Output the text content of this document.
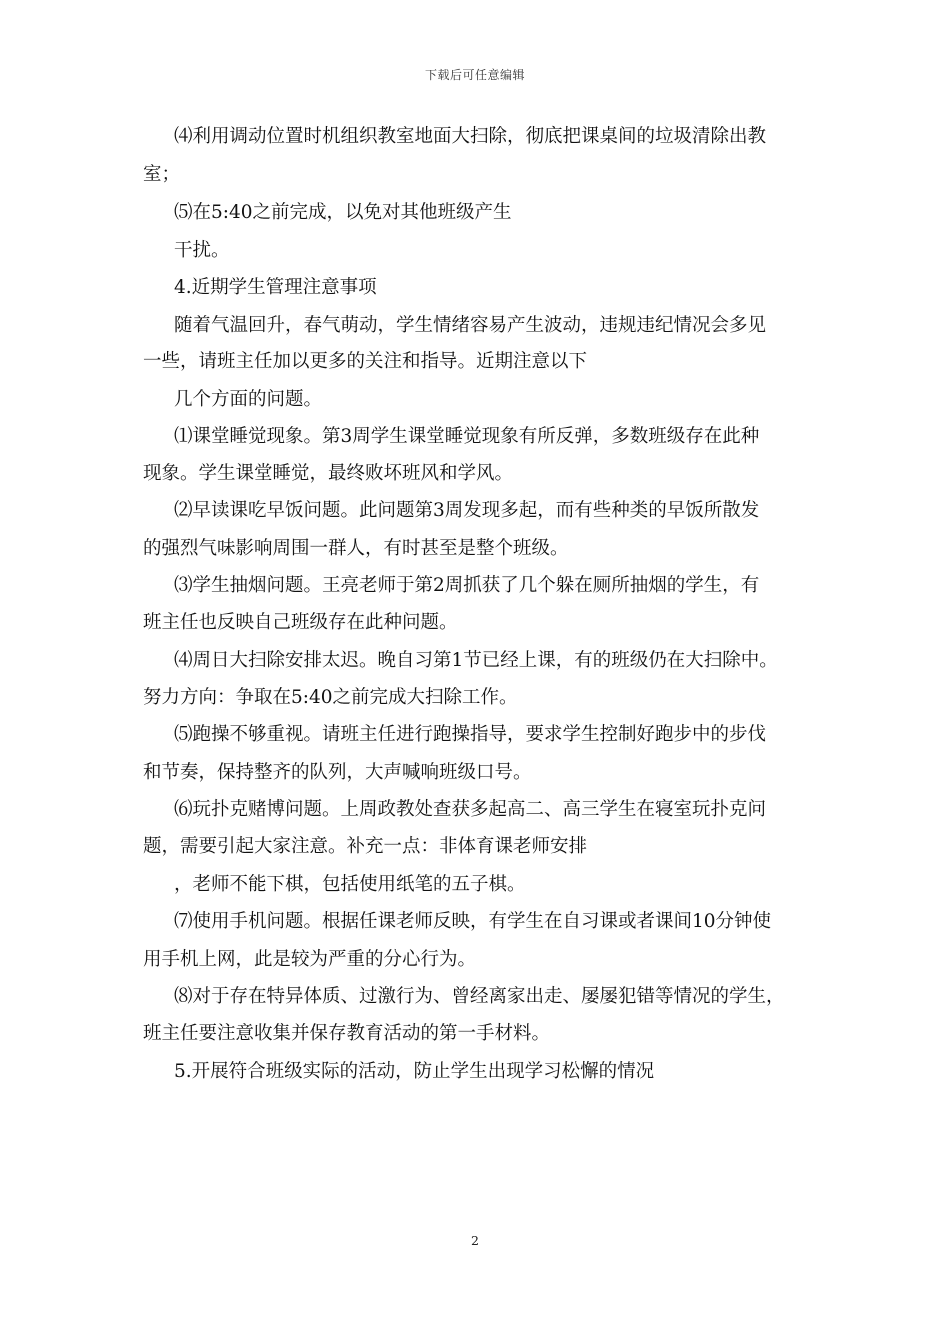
下载后可任意编辑
⑷利用调动位置时机组织教室地面大扫除，彻底把课桌间的垃圾清除出教
室；
⑸在5:40之前完成，以免对其他班级产生
干扰。
4.近期学生管理注意事项
随着气温回升，春气萌动，学生情绪容易产生波动，违规违纪情况会多见
一些，请班主任加以更多的关注和指导。近期注意以下
几个方面的问题。
⑴课堂睡觉现象。第3周学生课堂睡觉现象有所反弹，多数班级存在此种
现象。学生课堂睡觉，最终败坏班风和学风。
⑵早读课吃早饭问题。此问题第3周发现多起，而有些种类的早饭所散发
的强烈气味影响周围一群人，有时甚至是整个班级。
⑶学生抽烟问题。王亮老师于第2周抓获了几个躲在厕所抽烟的学生，有
班主任也反映自己班级存在此种问题。
⑷周日大扫除安排太迟。晚自习第1节已经上课，有的班级仍在大扫除中。
努力方向：争取在5:40之前完成大扫除工作。
⑸跑操不够重视。请班主任进行跑操指导，要求学生控制好跑步中的步伐
和节奏，保持整齐的队列，大声喊响班级口号。
⑹玩扑克赌博问题。上周政教处查获多起高二、高三学生在寝室玩扑克问
题，需要引起大家注意。补充一点：非体育课老师安排
，老师不能下棋，包括使用纸笔的五子棋。
⑺使用手机问题。根据任课老师反映，有学生在自习课或者课间10分钟使
用手机上网，此是较为严重的分心行为。
⑻对于存在特异体质、过激行为、曾经离家出走、屡屡犯错等情况的学生，
班主任要注意收集并保存教育活动的第一手材料。
5.开展符合班级实际的活动，防止学生出现学习松懈的情况
2
